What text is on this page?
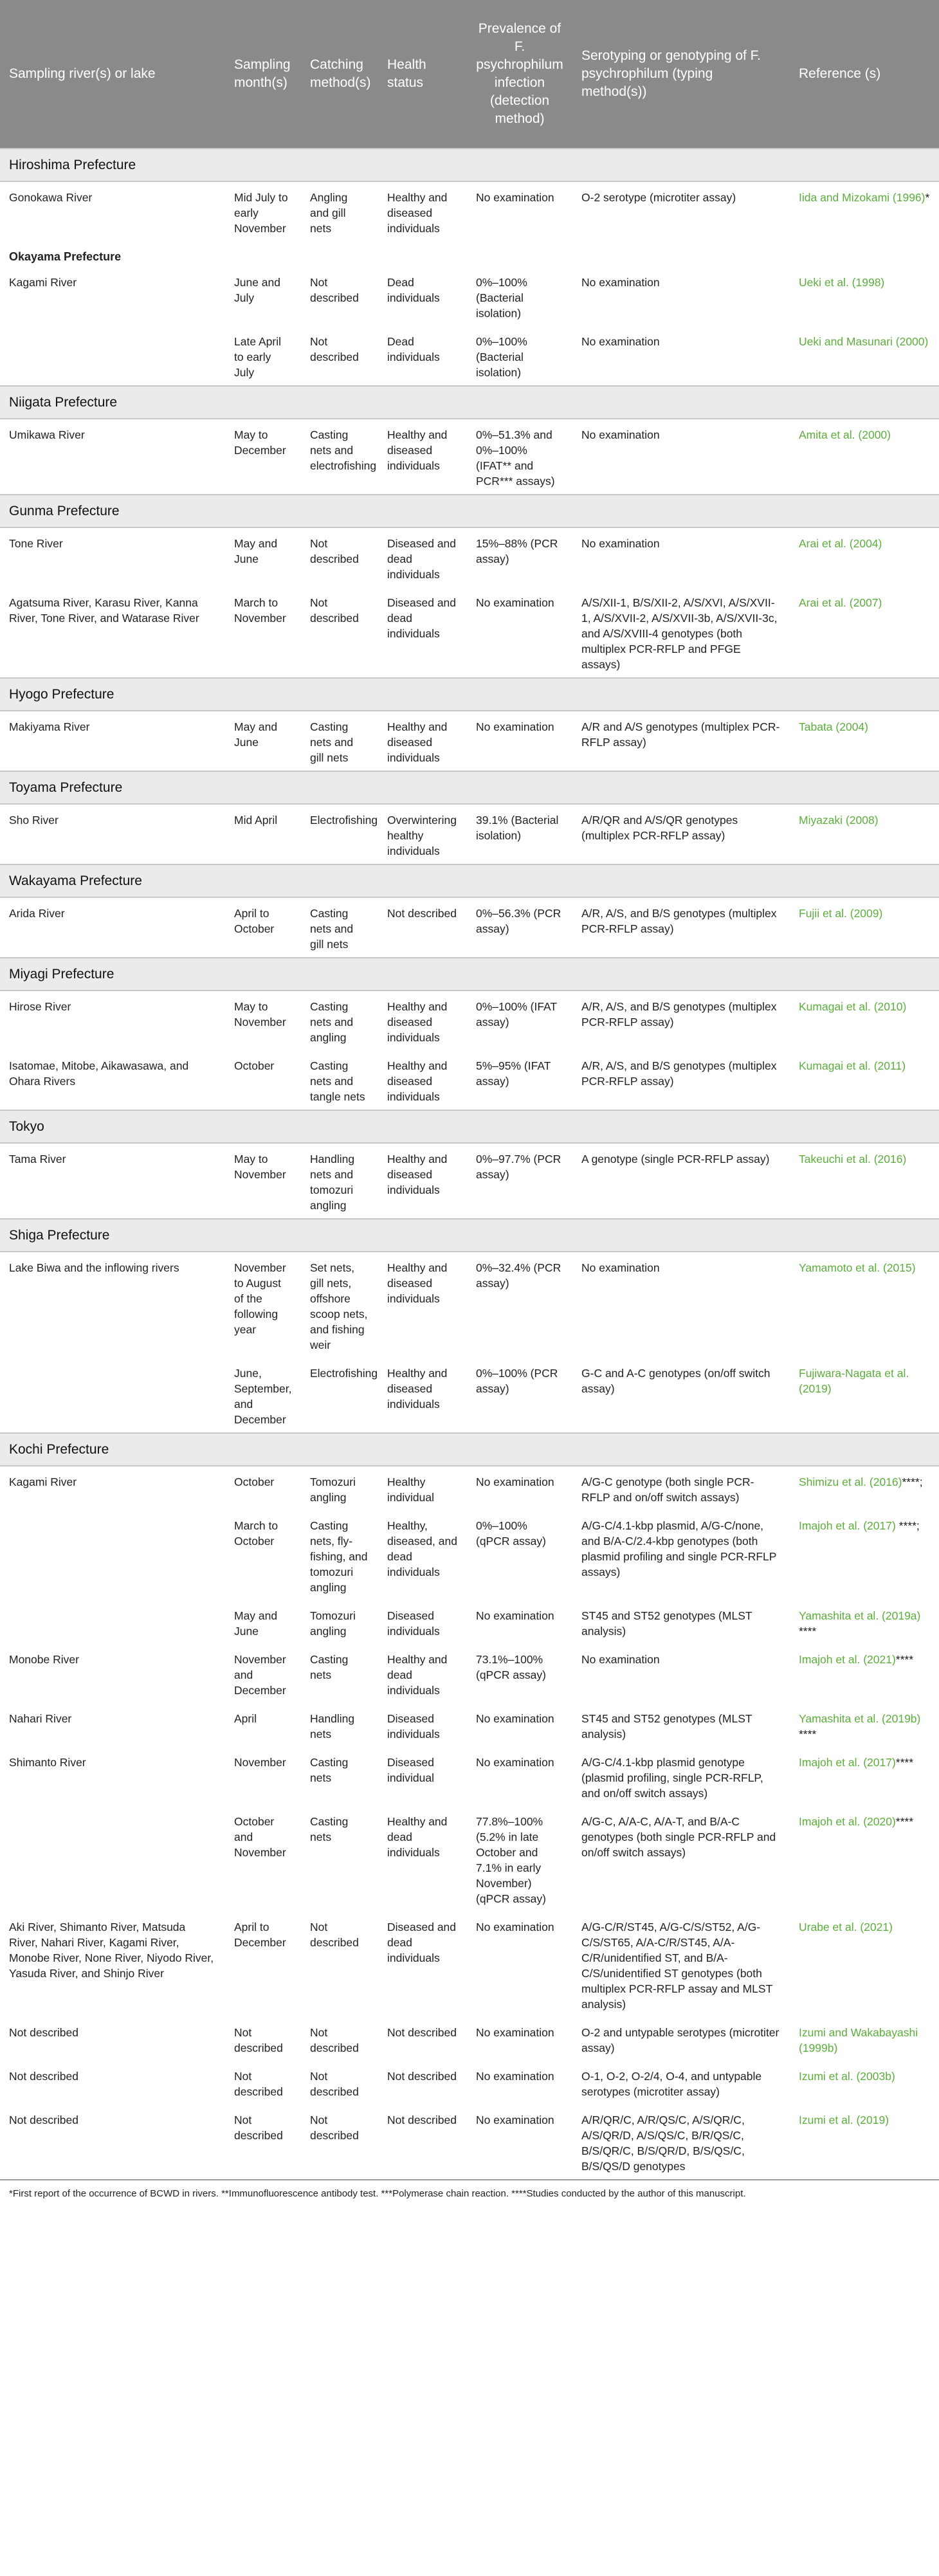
Sampling river(s) or lake	Sampling month(s)	Catching method(s)	Health status	Prevalence of F. psychrophilum infection (detection method)	Serotyping or genotyping of F. psychrophilum (typing method(s))	Reference (s)
Hiroshima Prefecture						
Gonokawa River	Mid July to early November	Angling and gill nets	Healthy and diseased individuals	No examination	O-2 serotype (microtiter assay)	Iida and Mizokami (1996)*
Okayama Prefecture						
Kagami River	June and July	Not described	Dead individuals	0%–100% (Bacterial isolation)	No examination	Ueki et al. (1998)
	Late April to early July	Not described	Dead individuals	0%–100% (Bacterial isolation)	No examination	Ueki and Masunari (2000)
Niigata Prefecture						
Umikawa River	May to December	Casting nets and electrofishing	Healthy and diseased individuals	0%–51.3% and 0%–100% (IFAT** and PCR*** assays)	No examination	Amita et al. (2000)
Gunma Prefecture						
Tone River	May and June	Not described	Diseased and dead individuals	15%–88% (PCR assay)	No examination	Arai et al. (2004)
Agatsuma River, Karasu River, Kanna River, Tone River, and Watarase River	March to November	Not described	Diseased and dead individuals	No examination	A/S/XII-1, B/S/XII-2, A/S/XVI, A/S/XVII-1, A/S/XVII-2, A/S/XVII-3b, A/S/XVII-3c, and A/S/XVIII-4 genotypes (both multiplex PCR-RFLP and PFGE assays)	Arai et al. (2007)
Hyogo Prefecture						
Makiyama River	May and June	Casting nets and gill nets	Healthy and diseased individuals	No examination	A/R and A/S genotypes (multiplex PCR-RFLP assay)	Tabata (2004)
Toyama Prefecture						
Sho River	Mid April	Electrofishing	Overwintering healthy individuals	39.1% (Bacterial isolation)	A/R/QR and A/S/QR genotypes (multiplex PCR-RFLP assay)	Miyazaki (2008)
Wakayama Prefecture						
Arida River	April to October	Casting nets and gill nets	Not described	0%–56.3% (PCR assay)	A/R, A/S, and B/S genotypes (multiplex PCR-RFLP assay)	Fujii et al. (2009)
Miyagi Prefecture						
Hirose River	May to November	Casting nets and angling	Healthy and diseased individuals	0%–100% (IFAT assay)	A/R, A/S, and B/S genotypes (multiplex PCR-RFLP assay)	Kumagai et al. (2010)
Isatomae, Mitobe, Aikawasawa, and Ohara Rivers	October	Casting nets and tangle nets	Healthy and diseased individuals	5%–95% (IFAT assay)	A/R, A/S, and B/S genotypes (multiplex PCR-RFLP assay)	Kumagai et al. (2011)
Tokyo						
Tama River	May to November	Handling nets and tomozuri angling	Healthy and diseased individuals	0%–97.7% (PCR assay)	A genotype (single PCR-RFLP assay)	Takeuchi et al. (2016)
Shiga Prefecture						
Lake Biwa and the inflowing rivers	November to August of the following year	Set nets, gill nets, offshore scoop nets, and fishing weir	Healthy and diseased individuals	0%–32.4% (PCR assay)	No examination	Yamamoto et al. (2015)
	June, September, and December	Electrofishing	Healthy and diseased individuals	0%–100% (PCR assay)	G-C and A-C genotypes (on/off switch assay)	Fujiwara-Nagata et al. (2019)
Kochi Prefecture						
Kagami River	October	Tomozuri angling	Healthy individual	No examination	A/G-C genotype (both single PCR-RFLP and on/off switch assays)	Shimizu et al. (2016)****;
	March to October	Casting nets, fly-fishing, and tomozuri angling	Healthy, diseased, and dead individuals	0%–100% (qPCR assay)	A/G-C/4.1-kbp plasmid, A/G-C/none, and B/A-C/2.4-kbp genotypes (both plasmid profiling and single PCR-RFLP assays)	Imajoh et al. (2017) ****;
	May and June	Tomozuri angling	Diseased individuals	No examination	ST45 and ST52 genotypes (MLST analysis)	Yamashita et al. (2019a) ****
Monobe River	November and December	Casting nets	Healthy and dead individuals	73.1%–100% (qPCR assay)	No examination	Imajoh et al. (2021)****
Nahari River	April	Handling nets	Diseased individuals	No examination	ST45 and ST52 genotypes (MLST analysis)	Yamashita et al. (2019b) ****
Shimanto River	November	Casting nets	Diseased individual	No examination	A/G-C/4.1-kbp plasmid genotype (plasmid profiling, single PCR-RFLP, and on/off switch assays)	Imajoh et al. (2017)****
	October and November	Casting nets	Healthy and dead individuals	77.8%–100% (5.2% in late October and 7.1% in early November) (qPCR assay)	A/G-C, A/A-C, A/A-T, and B/A-C genotypes (both single PCR-RFLP and on/off switch assays)	Imajoh et al. (2020)****
Aki River, Shimanto River, Matsuda River, Nahari River, Kagami River, Monobe River, None River, Niyodo River, Yasuda River, and Shinjo River	April to December	Not described	Diseased and dead individuals	No examination	A/G-C/R/ST45, A/G-C/S/ST52, A/G-C/S/ST65, A/A-C/R/ST45, A/A-C/R/unidentified ST, and B/A-C/S/unidentified ST genotypes (both multiplex PCR-RFLP assay and MLST analysis)	Urabe et al. (2021)
Not described	Not described	Not described	Not described	No examination	O-2 and untypable serotypes (microtiter assay)	Izumi and Wakabayashi (1999b)
Not described	Not described	Not described	Not described	No examination	O-1, O-2, O-2/4, O-4, and untypable serotypes (microtiter assay)	Izumi et al. (2003b)
Not described	Not described	Not described	Not described	No examination	A/R/QR/C, A/R/QS/C, A/S/QR/C, A/S/QR/D, A/S/QS/C, B/R/QS/C, B/S/QR/C, B/S/QR/D, B/S/QS/C, B/S/QS/D genotypes	Izumi et al. (2019)
*First report of the occurrence of BCWD in rivers. **Immunofluorescence antibody test. ***Polymerase chain reaction. ****Studies conducted by the author of this manuscript.						
